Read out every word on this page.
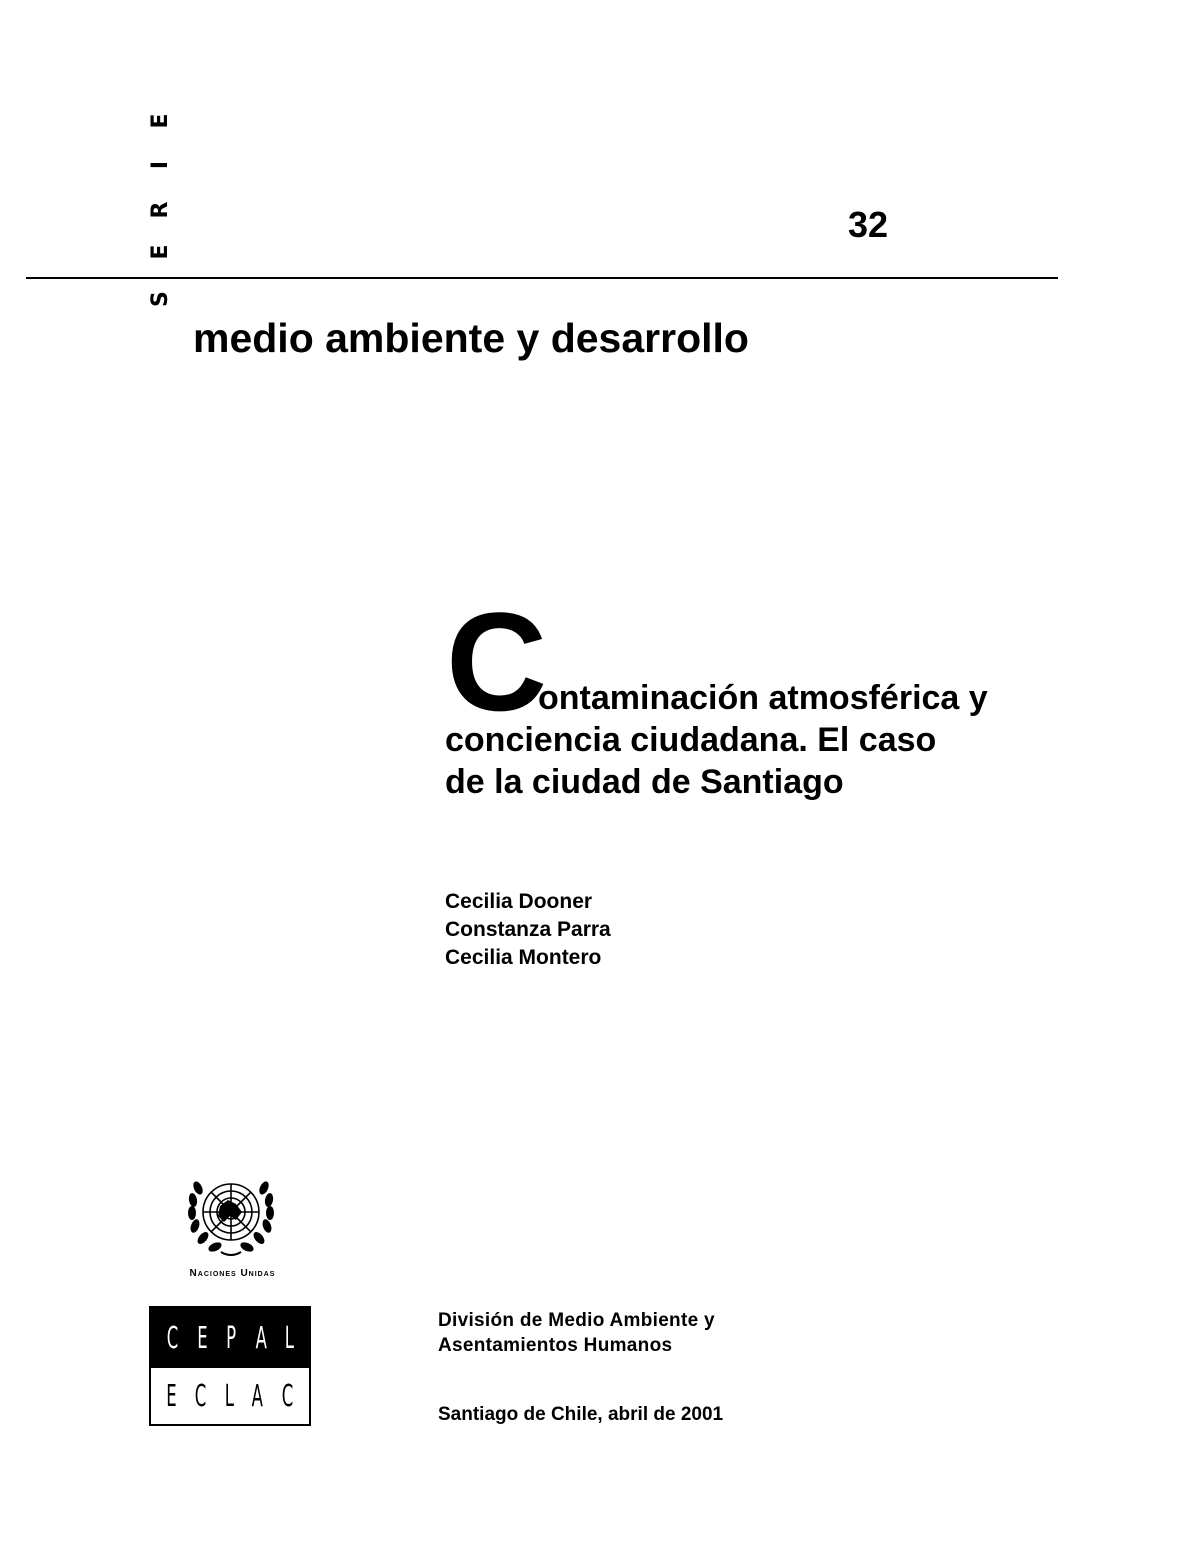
E
I
R
E
S
32
medio ambiente y desarrollo
C
ontaminación atmosférica y
conciencia ciudadana. El caso
de la ciudad de Santiago
Cecilia Dooner
Constanza Parra
Cecilia Montero
Naciones Unidas
C E P A L
E C L A C
División de Medio Ambiente y
Asentamientos Humanos
Santiago de Chile, abril de 2001
